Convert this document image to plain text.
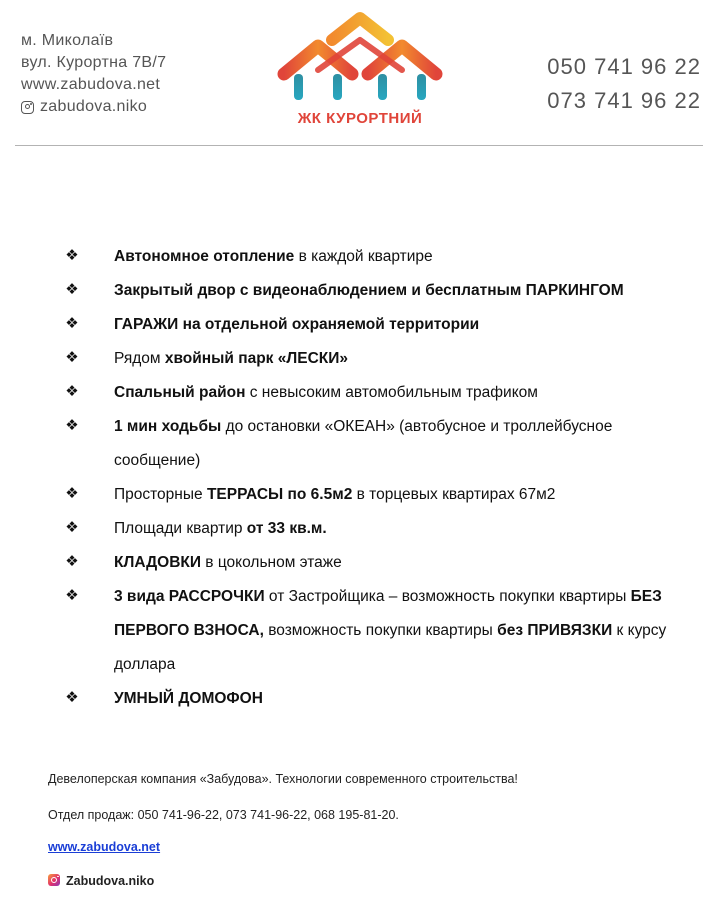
м. Миколаїв
вул. Курортна 7В/7
www.zabudova.net
zabudova.niko
ЖК КУРОРТНИЙ
050 741 96 22
073 741 96 22
❖ Автономное отопление в каждой квартире
❖ Закрытый двор с видеонаблюдением и бесплатным ПАРКИНГОМ
❖ ГАРАЖИ на отдельной охраняемой территории
❖ Рядом хвойный парк «ЛЕСКИ»
❖ Спальный район с невысоким автомобильным трафиком
❖ 1 мин ходьбы до остановки «ОКЕАН» (автобусное и троллейбусное сообщение)
❖ Просторные ТЕРРАСЫ по 6.5м2 в торцевых квартирах 67м2
❖ Площади квартир от 33 кв.м.
❖ КЛАДОВКИ в цокольном этаже
❖ 3 вида РАССРОЧКИ от Застройщика – возможность покупки квартиры БЕЗ ПЕРВОГО ВЗНОСА, возможность покупки квартиры без ПРИВЯЗКИ к курсу доллара
❖ УМНЫЙ ДОМОФОН
Девелоперская компания «Забудова». Технологии современного строительства!
Отдел продаж: 050 741-96-22, 073 741-96-22, 068 195-81-20.
www.zabudova.net
Zabudova.niko
